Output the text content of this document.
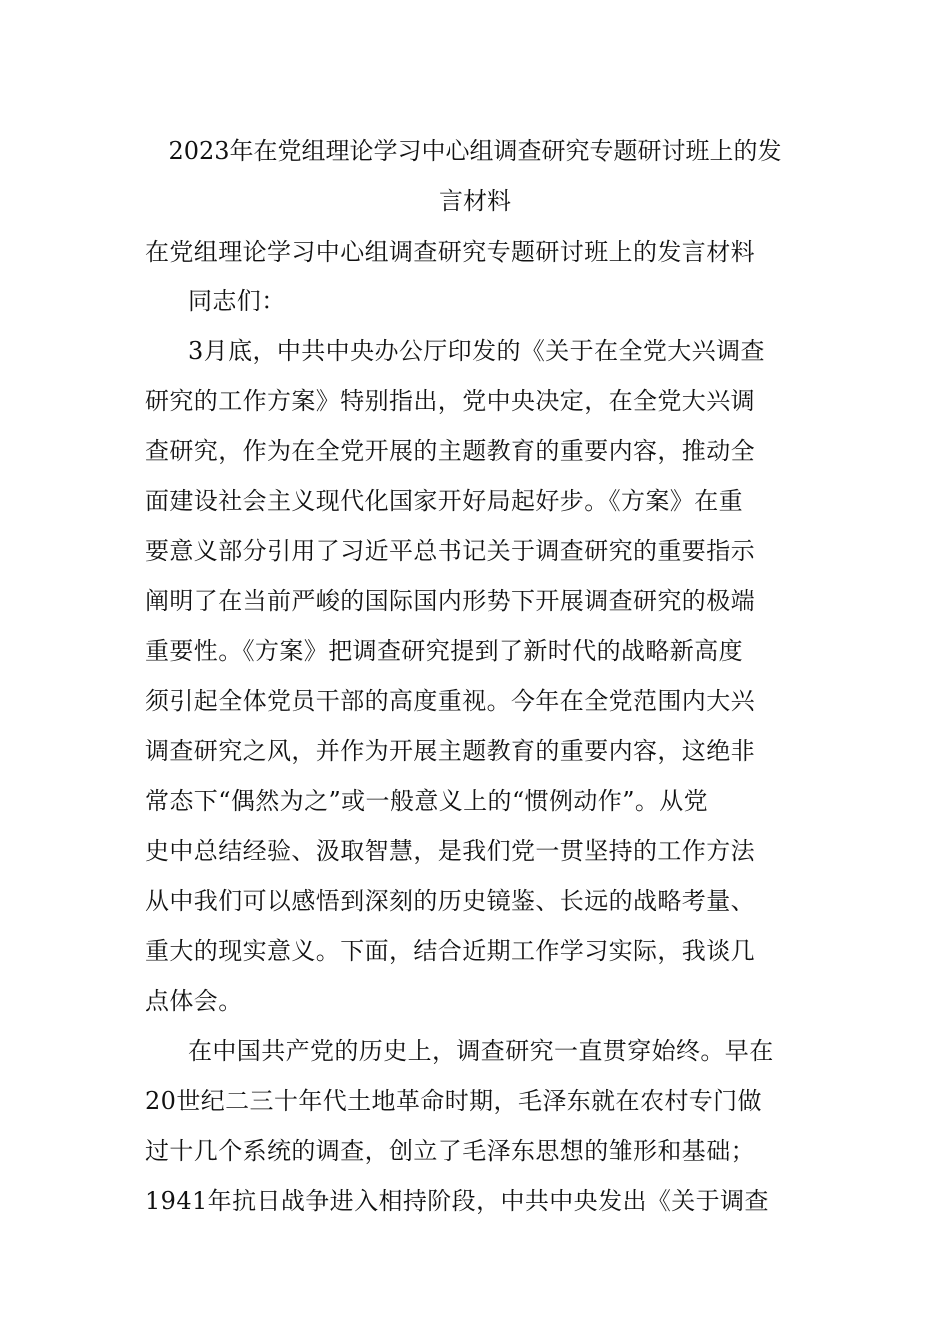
2023年在党组理论学习中心组调查研究专题研讨班上的发
言材料
在党组理论学习中心组调查研究专题研讨班上的发言材料
同志们：
3月底，中共中央办公厅印发的《关于在全党大兴调查
研究的工作方案》特别指出，党中央决定，在全党大兴调
查研究，作为在全党开展的主题教育的重要内容，推动全
面建设社会主义现代化国家开好局起好步。《方案》在重
要意义部分引用了习近平总书记关于调查研究的重要指示
阐明了在当前严峻的国际国内形势下开展调查研究的极端
重要性。《方案》把调查研究提到了新时代的战略新高度
须引起全体党员干部的高度重视。今年在全党范围内大兴
调查研究之风，并作为开展主题教育的重要内容，这绝非
常态下“偶然为之”或一般意义上的“惯例动作”。从党
史中总结经验、汲取智慧，是我们党一贯坚持的工作方法
从中我们可以感悟到深刻的历史镜鉴、长远的战略考量、
重大的现实意义。下面，结合近期工作学习实际，我谈几
点体会。
在中国共产党的历史上，调查研究一直贯穿始终。早在
20世纪二三十年代土地革命时期，毛泽东就在农村专门做
过十几个系统的调查，创立了毛泽东思想的雏形和基础；
1941年抗日战争进入相持阶段，中共中央发出《关于调查
